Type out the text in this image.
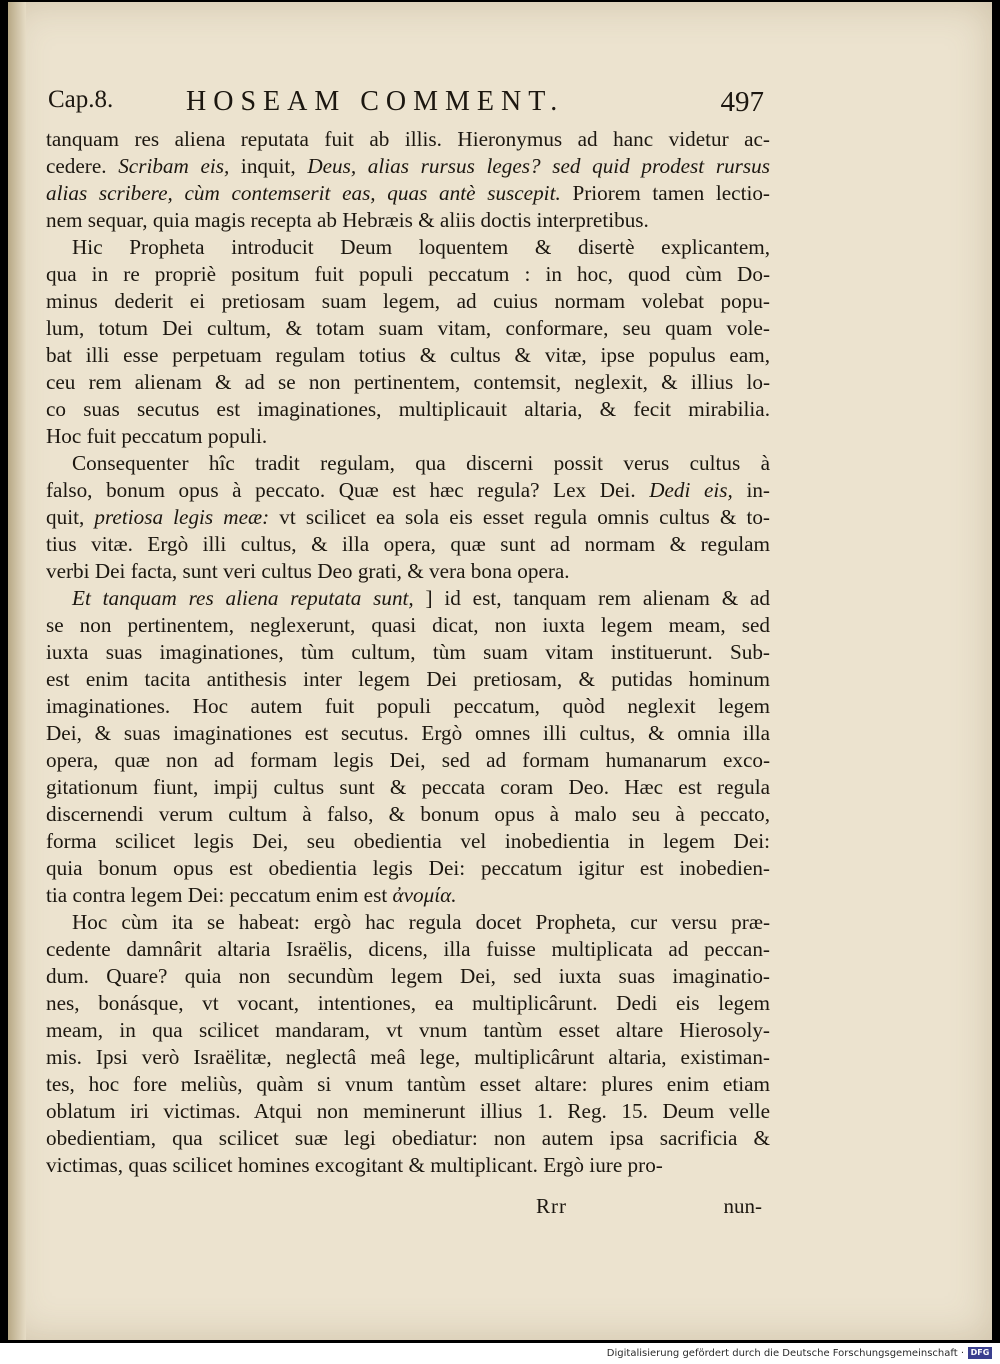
Cap.8.	HOSEAM COMMENT.	497

tanquam res aliena reputata fuit ab illis. Hieronymus ad hanc videtur ac-

cedere. Scribam eis, inquit, Deus, alias rursus leges? sed quid prodest rursus

alias scribere, cùm contemserit eas, quas antè suscepit. Priorem tamen lectio-

nem sequar, quia magis recepta ab Hebræis & aliis doctis interpretibus.

Hic Propheta introducit Deum loquentem & disertè explicantem,

qua in re propriè positum fuit populi peccatum : in hoc, quod cùm Do-

minus dederit ei pretiosam suam legem, ad cuius normam volebat popu-

lum, totum Dei cultum, & totam suam vitam, conformare, seu quam vole-

bat illi esse perpetuam regulam totius & cultus & vitæ, ipse populus eam,

ceu rem alienam & ad se non pertinentem, contemsit, neglexit, & illius lo-

co suas secutus est imaginationes, multiplicauit altaria, & fecit mirabilia.

Hoc fuit peccatum populi.

Consequenter hîc tradit regulam, qua discerni possit verus cultus à

falso, bonum opus à peccato. Quæ est hæc regula? Lex Dei. Dedi eis, in-

quit, pretiosa legis meæ: vt scilicet ea sola eis esset regula omnis cultus & to-

tius vitæ. Ergò illi cultus, & illa opera, quæ sunt ad normam & regulam

verbi Dei facta, sunt veri cultus Deo grati, & vera bona opera.

Et tanquam res aliena reputata sunt, ] id est, tanquam rem alienam & ad

se non pertinentem, neglexerunt, quasi dicat, non iuxta legem meam, sed

iuxta suas imaginationes, tùm cultum, tùm suam vitam instituerunt. Sub-

est enim tacita antithesis inter legem Dei pretiosam, & putidas hominum

imaginationes. Hoc autem fuit populi peccatum, quòd neglexit legem

Dei, & suas imaginationes est secutus. Ergò omnes illi cultus, & omnia illa

opera, quæ non ad formam legis Dei, sed ad formam humanarum exco-

gitationum fiunt, impij cultus sunt & peccata coram Deo. Hæc est regula

discernendi verum cultum à falso, & bonum opus à malo seu à peccato,

forma scilicet legis Dei, seu obedientia vel inobedientia in legem Dei:

quia bonum opus est obedientia legis Dei: peccatum igitur est inobedien-

tia contra legem Dei: peccatum enim est ἀνομία.

Hoc cùm ita se habeat: ergò hac regula docet Propheta, cur versu præ-

cedente damnârit altaria Israëlis, dicens, illa fuisse multiplicata ad peccan-

dum. Quare? quia non secundùm legem Dei, sed iuxta suas imaginatio-

nes, bonásque, vt vocant, intentiones, ea multiplicârunt. Dedi eis legem

meam, in qua scilicet mandaram, vt vnum tantùm esset altare Hierosoly-

mis. Ipsi verò Israëlitæ, neglectâ meâ lege, multiplicârunt altaria, existiman-

tes, hoc fore meliùs, quàm si vnum tantùm esset altare: plures enim etiam

oblatum iri victimas. Atqui non meminerunt illius 1. Reg. 15. Deum velle

obedientiam, qua scilicet suæ legi obediatur: non autem ipsa sacrificia &

victimas, quas scilicet homines excogitant & multiplicant. Ergò iure pro-

Rrr	nun-
Digitalisierung gefördert durch die Deutsche Forschungsgemeinschaft · DFG
